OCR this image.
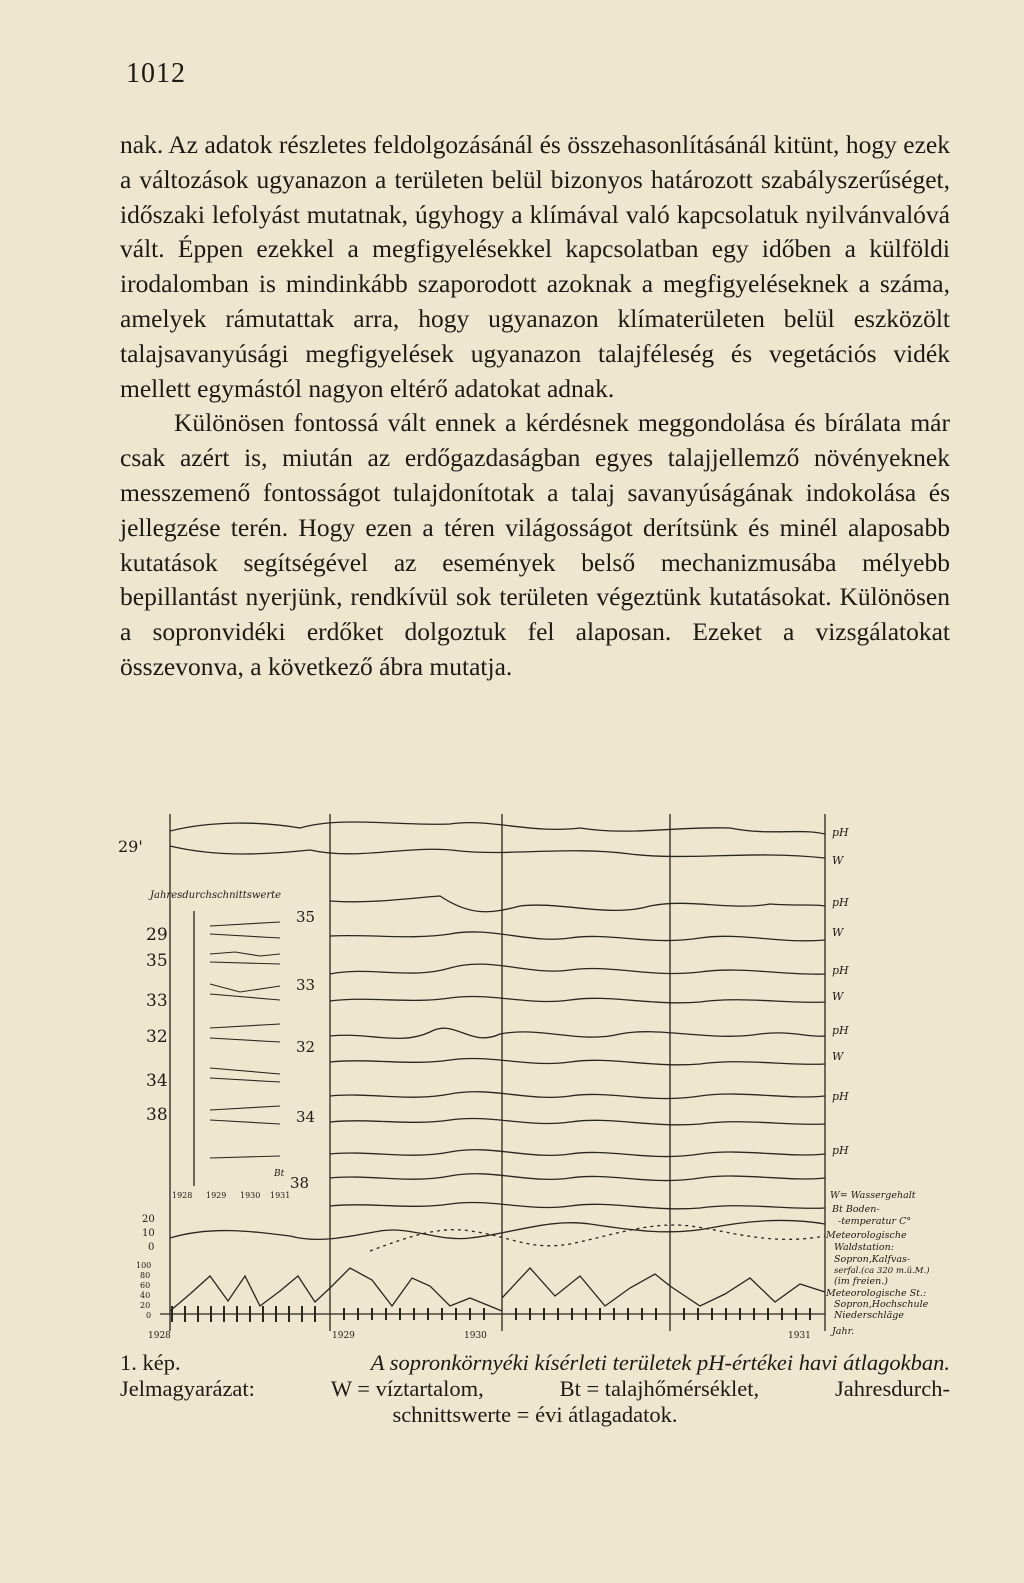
1012

nak. Az adatok részletes feldolgozásánál és összehasonlításánál kitünt, hogy ezek a változások ugyanazon a területen belül bizonyos határozott szabályszerűséget, időszaki lefolyást mutatnak, úgyhogy a klímával való kapcsolatuk nyilvánvalóvá vált. Éppen ezekkel a megfigyelésekkel kapcsolatban egy időben a külföldi irodalomban is mindinkább szaporodott azoknak a megfigyeléseknek a száma, amelyek rámutattak arra, hogy ugyanazon klímaterületen belül eszközölt talajsavanyúsági megfigyelések ugyanazon talajféleség és vegetációs vidék mellett egymástól nagyon eltérő adatokat adnak.

Különösen fontossá vált ennek a kérdésnek meggondolása és bírálata már csak azért is, miután az erdőgazdaságban egyes talajjellemző növényeknek messzemenő fontosságot tulajdonítotak a talaj savanyúságának indokolása és jellegzése terén. Hogy ezen a téren világosságot derítsünk és minél alaposabb kutatások segítségével az események belső mechanizmusába mélyebb bepillantást nyerjünk, rendkívül sok területen végeztünk kutatásokat. Különösen a sopronvidéki erdőket dolgoztuk fel alaposan. Ezeket a vizsgálatokat összevonva, a következő ábra mutatja.

29'
Jahresdurchschnittswerte
29
35
33
32
34
38
35
33
32
34
38
Bt
1928 1929 1930 1931
20
10
0
100
80
60
40
20
0
1928	1929	1930	1931
pH
W
pH
W
pH
W
pH
W
pH
pH
W= Wassergehalt
Bt Boden-
-temperatur C°
Meteorologische
Waldstation:
Sopron,Kalfvas-
serfal.(ca 320 m.ü.M.)
(im freien.)
Meteorologische St.:
Sopron,Hochschule
Niederschläge
Jahr.
1. kép.	A sopronkörnyéki kísérleti területek pH-értékei havi átlagokban.
Jelmagyarázat:	W = víztartalom,	Bt = talajhőmérséklet,	Jahresdurch-
schnittswerte = évi átlagadatok.
